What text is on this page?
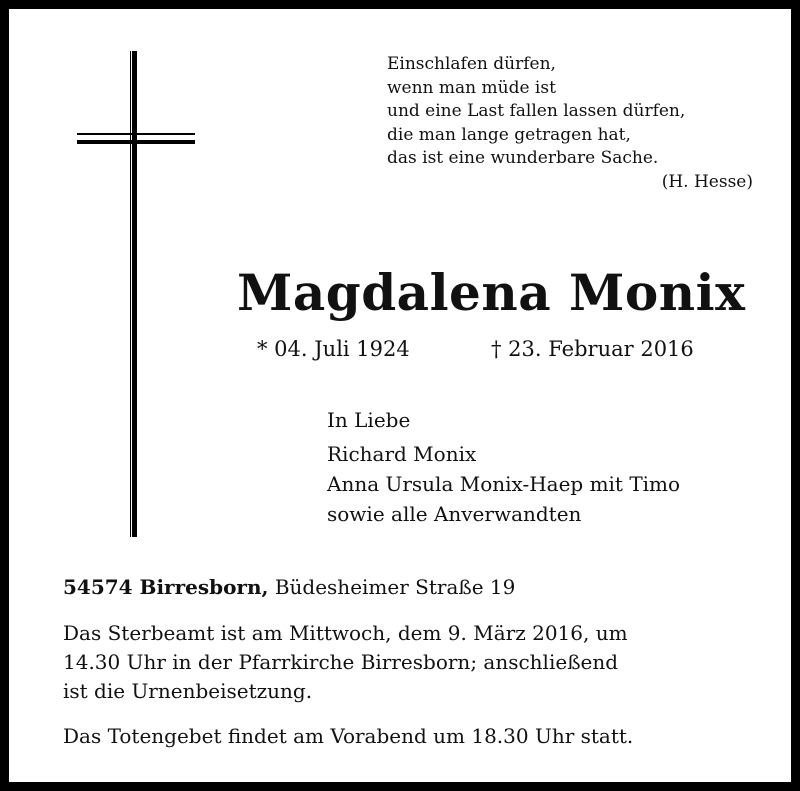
Einschlafen dürfen,
wenn man müde ist
und eine Last fallen lassen dürfen,
die man lange getragen hat,
das ist eine wunderbare Sache.
(H. Hesse)
Magdalena Monix
* 04. Juli 1924	† 23. Februar 2016
In Liebe
Richard Monix
Anna Ursula Monix-Haep mit Timo
sowie alle Anverwandten
54574 Birresborn, Büdesheimer Straße 19
Das Sterbeamt ist am Mittwoch, dem 9. März 2016, um
14.30 Uhr in der Pfarrkirche Birresborn; anschließend
ist die Urnenbeisetzung.
Das Totengebet findet am Vorabend um 18.30 Uhr statt.
